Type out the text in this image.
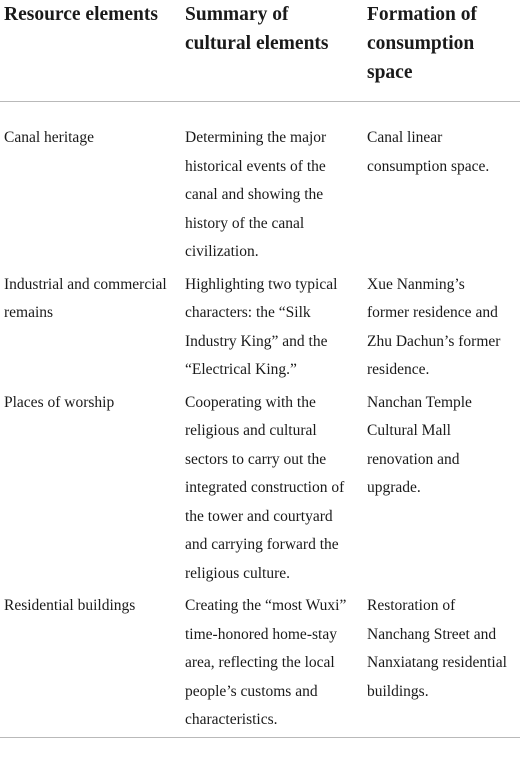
Resource elements	Summary of cultural elements	Formation of consumption space
Canal heritage	Determining the major historical events of the canal and showing the history of the canal civilization.	Canal linear consumption space.
Industrial and commercial remains	Highlighting two typical characters: the “Silk Industry King” and the “Electrical King.”	Xue Nanming’s former residence and Zhu Dachun’s former residence.
Places of worship	Cooperating with the religious and cultural sectors to carry out the integrated construction of the tower and courtyard and carrying forward the religious culture.	Nanchan Temple Cultural Mall renovation and upgrade.
Residential buildings	Creating the “most Wuxi” time-honored home-stay area, reflecting the local people’s customs and characteristics.	Restoration of Nanchang Street and Nanxiatang residential buildings.
